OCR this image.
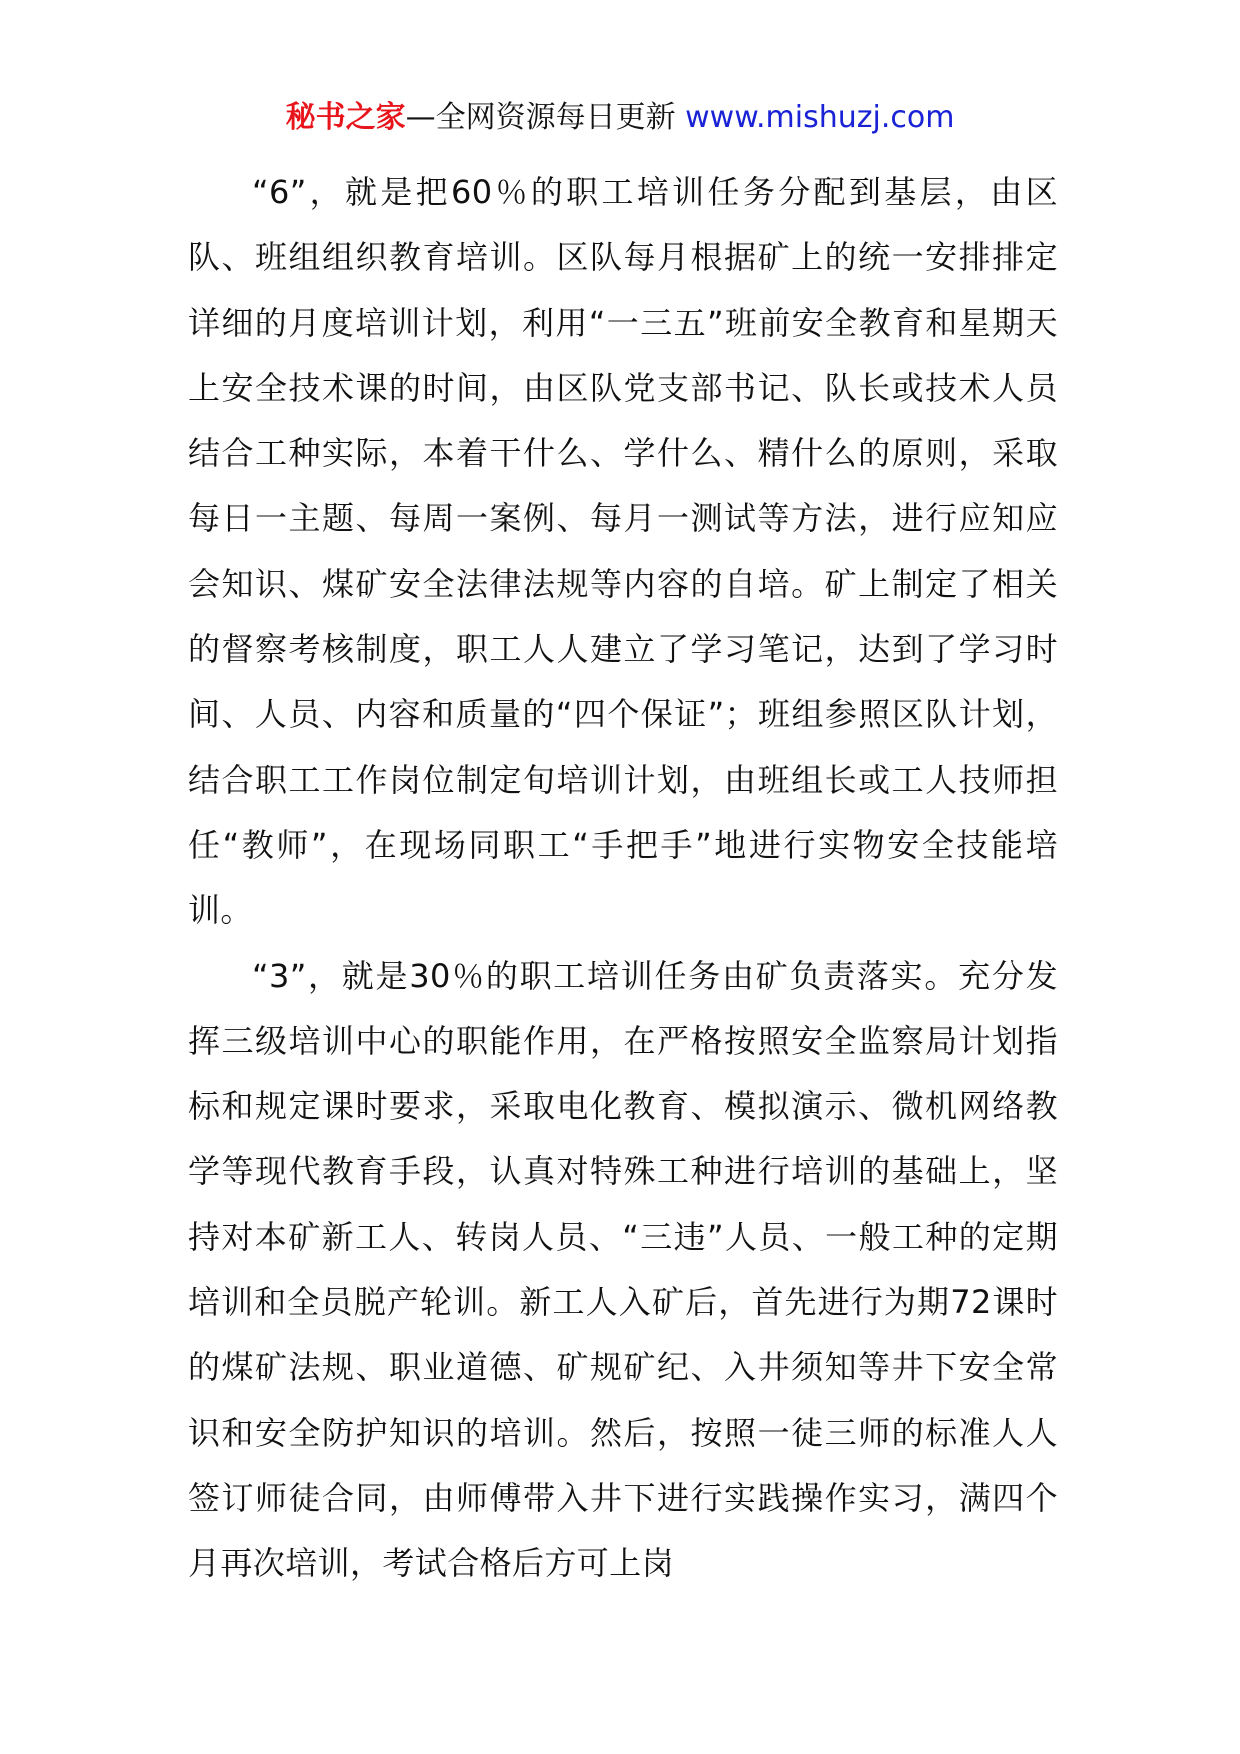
秘书之家—全网资源每日更新 www.mishuzj.com

“6”，就是把60％的职工培训任务分配到基层，由区队、班组组织教育培训。区队每月根据矿上的统一安排排定详细的月度培训计划，利用“一三五”班前安全教育和星期天上安全技术课的时间，由区队党支部书记、队长或技术人员结合工种实际，本着干什么、学什么、精什么的原则，采取每日一主题、每周一案例、每月一测试等方法，进行应知应会知识、煤矿安全法律法规等内容的自培。矿上制定了相关的督察考核制度，职工人人建立了学习笔记，达到了学习时间、人员、内容和质量的“四个保证”；班组参照区队计划，结合职工工作岗位制定旬培训计划，由班组长或工人技师担任“教师”，在现场同职工“手把手”地进行实物安全技能培训。

“3”，就是30％的职工培训任务由矿负责落实。充分发挥三级培训中心的职能作用，在严格按照安全监察局计划指标和规定课时要求，采取电化教育、模拟演示、微机网络教学等现代教育手段，认真对特殊工种进行培训的基础上，坚持对本矿新工人、转岗人员、“三违”人员、一般工种的定期培训和全员脱产轮训。新工人入矿后，首先进行为期72课时的煤矿法规、职业道德、矿规矿纪、入井须知等井下安全常识和安全防护知识的培训。然后，按照一徒三师的标准人人签订师徒合同，由师傅带入井下进行实践操作实习，满四个月再次培训，考试合格后方可上岗
